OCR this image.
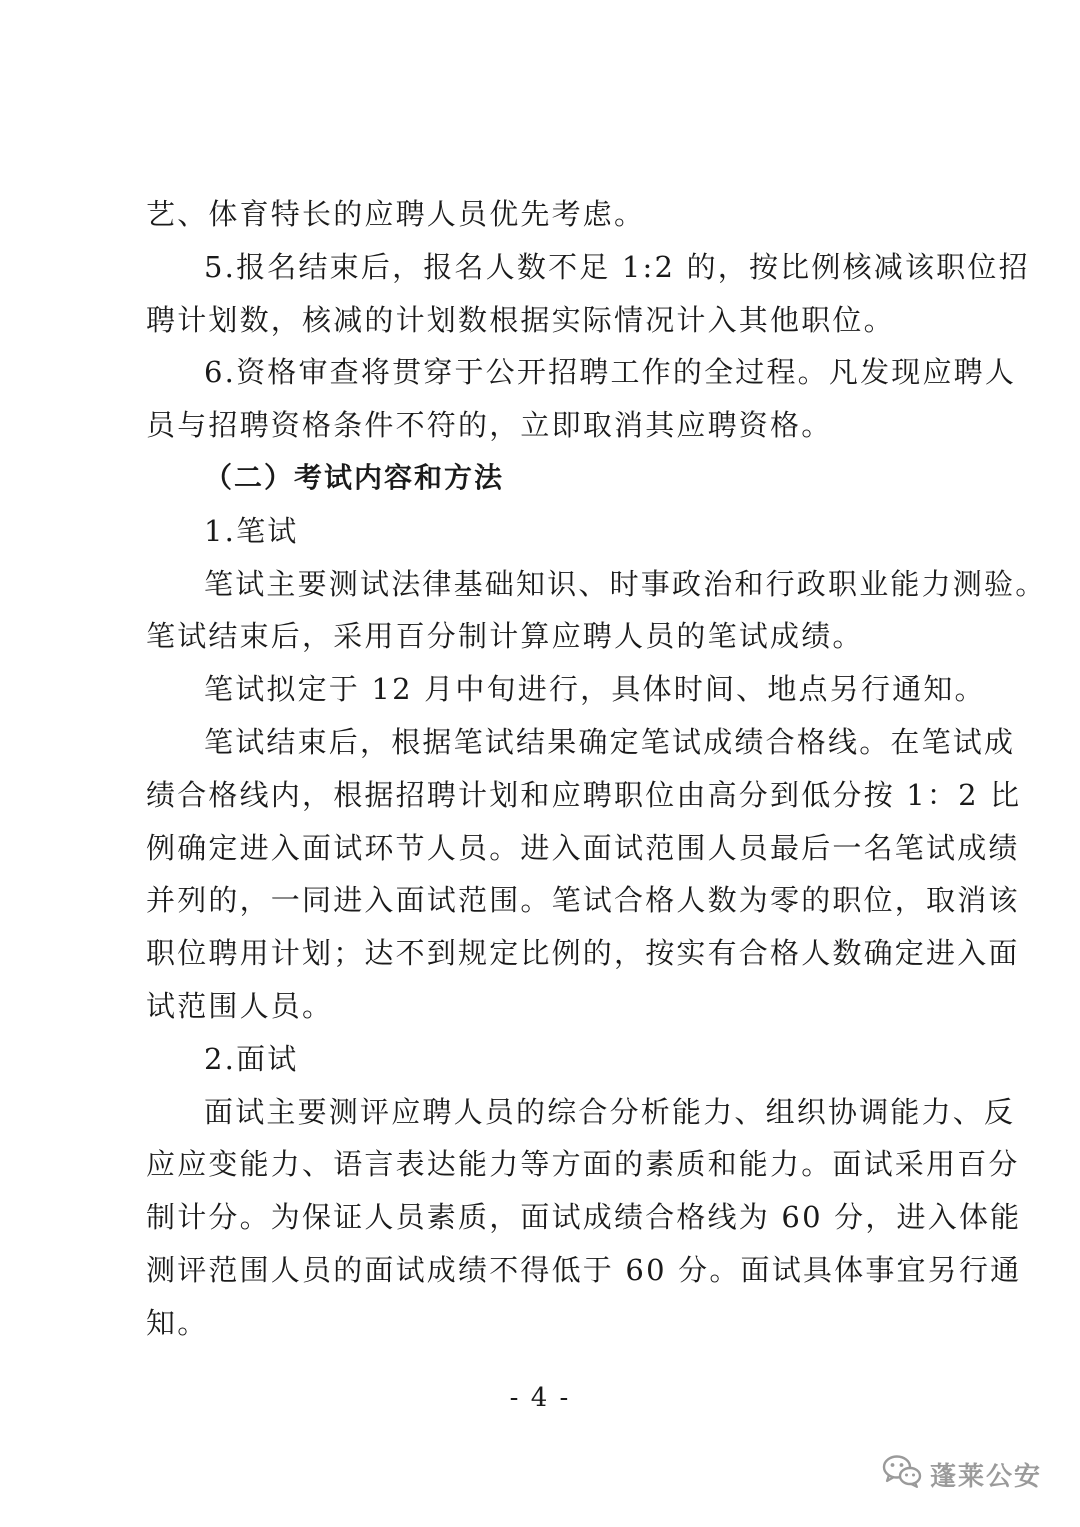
艺、体育特长的应聘人员优先考虑。
5.报名结束后，报名人数不足 1:2 的，按比例核减该职位招
聘计划数，核减的计划数根据实际情况计入其他职位。
6.资格审查将贯穿于公开招聘工作的全过程。凡发现应聘人
员与招聘资格条件不符的，立即取消其应聘资格。
（二）考试内容和方法
1.笔试
笔试主要测试法律基础知识、时事政治和行政职业能力测验。
笔试结束后，采用百分制计算应聘人员的笔试成绩。
笔试拟定于 12 月中旬进行，具体时间、地点另行通知。
笔试结束后，根据笔试结果确定笔试成绩合格线。在笔试成
绩合格线内，根据招聘计划和应聘职位由高分到低分按 1：2 比
例确定进入面试环节人员。进入面试范围人员最后一名笔试成绩
并列的，一同进入面试范围。笔试合格人数为零的职位，取消该
职位聘用计划；达不到规定比例的，按实有合格人数确定进入面
试范围人员。
2.面试
面试主要测评应聘人员的综合分析能力、组织协调能力、反
应应变能力、语言表达能力等方面的素质和能力。面试采用百分
制计分。为保证人员素质，面试成绩合格线为 60 分，进入体能
测评范围人员的面试成绩不得低于 60 分。面试具体事宜另行通
知。
- 4 -
蓬莱公安
